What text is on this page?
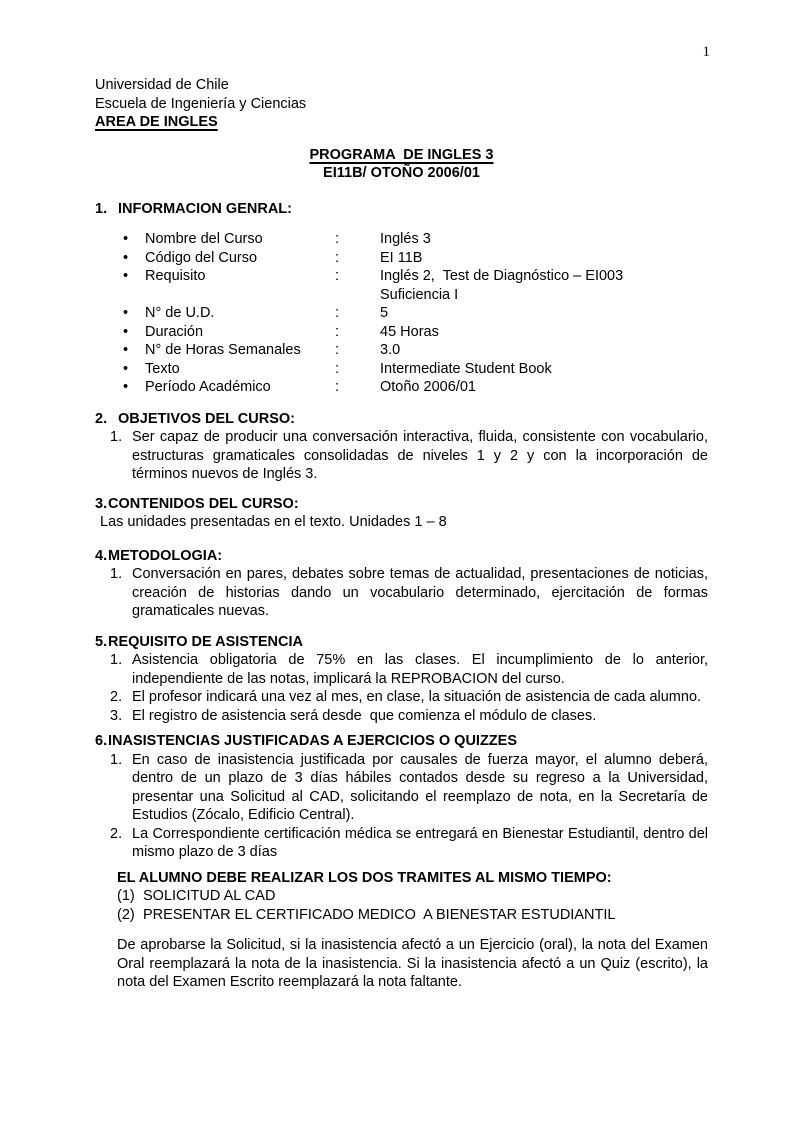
1
Universidad de Chile
Escuela de Ingeniería y Ciencias
AREA DE INGLES
PROGRAMA  DE INGLES 3
EI11B/ OTOÑO 2006/01
1. INFORMACION GENRAL:
•	Nombre del Curso	:	Inglés 3
•	Código del Curso	:	EI 11B
•	Requisito	:	Inglés 2,  Test de Diagnóstico – EI003
Suficiencia I
•	N° de U.D.	:	5
•	Duración	:	45 Horas
•	N° de Horas Semanales	:	3.0
•	Texto	:	Intermediate Student Book
•	Período Académico	:	Otoño 2006/01
2. OBJETIVOS DEL CURSO:
1. Ser capaz de producir una conversación interactiva, fluida, consistente con vocabulario, estructuras gramaticales consolidadas de niveles 1 y 2 y con la incorporación de términos nuevos de Inglés 3.
3. CONTENIDOS DEL CURSO:
Las unidades presentadas en el texto. Unidades 1 – 8
4. METODOLOGIA:
1. Conversación en pares, debates sobre temas de actualidad, presentaciones de noticias, creación de historias dando un vocabulario determinado, ejercitación de formas gramaticales nuevas.
5. REQUISITO DE ASISTENCIA
1. Asistencia obligatoria de 75% en las clases. El incumplimiento de lo anterior, independiente de las notas, implicará la REPROBACION del curso.
2. El profesor indicará una vez al mes, en clase, la situación de asistencia de cada alumno.
3. El registro de asistencia será desde  que comienza el módulo de clases.
6. INASISTENCIAS JUSTIFICADAS A EJERCICIOS O QUIZZES
1. En caso de inasistencia justificada por causales de fuerza mayor, el alumno deberá, dentro de un plazo de 3 días hábiles contados desde su regreso a la Universidad, presentar una Solicitud al CAD, solicitando el reemplazo de nota, en la Secretaría de Estudios (Zócalo, Edificio Central).
2. La Correspondiente certificación médica se entregará en Bienestar Estudiantil, dentro del mismo plazo de 3 días
EL ALUMNO DEBE REALIZAR LOS DOS TRAMITES AL MISMO TIEMPO:
(1) SOLICITUD AL CAD
(2) PRESENTAR EL CERTIFICADO MEDICO  A BIENESTAR ESTUDIANTIL

De aprobarse la Solicitud, si la inasistencia afectó a un Ejercicio (oral), la nota del Examen Oral reemplazará la nota de la inasistencia. Si la inasistencia afectó a un Quiz (escrito), la nota del Examen Escrito reemplazará la nota faltante.
